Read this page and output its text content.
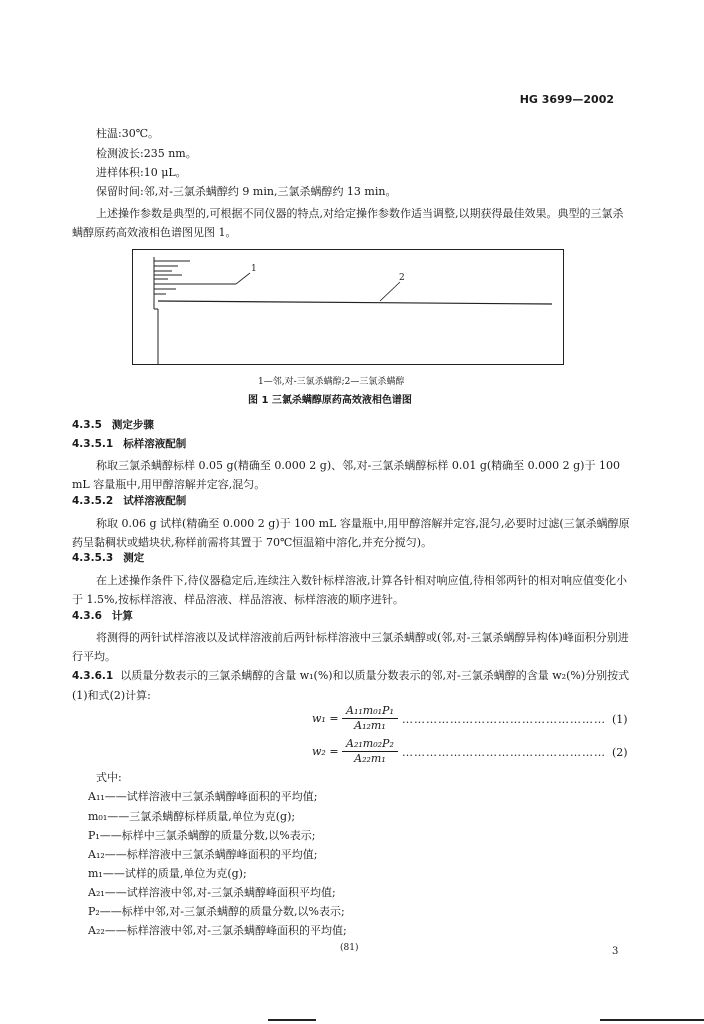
HG 3699—2002
柱温:30℃。
检测波长:235 nm。
进样体积:10 μL。
保留时间:邻,对-三氯杀螨醇约 9 min,三氯杀螨醇约 13 min。
上述操作参数是典型的,可根据不同仪器的特点,对给定操作参数作适当调整,以期获得最佳效果。典型的三氯杀螨醇原药高效液相色谱图见图 1。
1
2
1—邻,对-三氯杀螨醇;2—三氯杀螨醇
图 1 三氯杀螨醇原药高效液相色谱图
4.3.5 测定步骤
4.3.5.1 标样溶液配制
称取三氯杀螨醇标样 0.05 g(精确至 0.000 2 g)、邻,对-三氯杀螨醇标样 0.01 g(精确至 0.000 2 g)于 100 mL 容量瓶中,用甲醇溶解并定容,混匀。
4.3.5.2 试样溶液配制
称取 0.06 g 试样(精确至 0.000 2 g)于 100 mL 容量瓶中,用甲醇溶解并定容,混匀,必要时过滤(三氯杀螨醇原药呈黏稠状或蜡块状,称样前需将其置于 70℃恒温箱中溶化,并充分搅匀)。
4.3.5.3 测定
在上述操作条件下,待仪器稳定后,连续注入数针标样溶液,计算各针相对响应值,待相邻两针的相对响应值变化小于 1.5%,按标样溶液、样品溶液、样品溶液、标样溶液的顺序进针。
4.3.6 计算
将测得的两针试样溶液以及试样溶液前后两针标样溶液中三氯杀螨醇或(邻,对-三氯杀螨醇异构体)峰面积分别进行平均。
4.3.6.1 以质量分数表示的三氯杀螨醇的含量 w₁(%)和以质量分数表示的邻,对-三氯杀螨醇的含量 w₂(%)分别按式(1)和式(2)计算:
$w_1 = \frac{\text{A₁₁m₀₁P₁}}{\text{A₁₂m₁}}$ …………………………………………… (1)
$w_2 = \frac{\text{A₂₁m₀₂P₂}}{\text{A₂₂m₁}}$ …………………………………………… (2)
式中:
A₁₁——试样溶液中三氯杀螨醇峰面积的平均值;
m₀₁——三氯杀螨醇标样质量,单位为克(g);
P₁——标样中三氯杀螨醇的质量分数,以%表示;
A₁₂——标样溶液中三氯杀螨醇峰面积的平均值;
m₁——试样的质量,单位为克(g);
A₂₁——试样溶液中邻,对-三氯杀螨醇峰面积平均值;
P₂——标样中邻,对-三氯杀螨醇的质量分数,以%表示;
A₂₂——标样溶液中邻,对-三氯杀螨醇峰面积的平均值;
(81)	3
